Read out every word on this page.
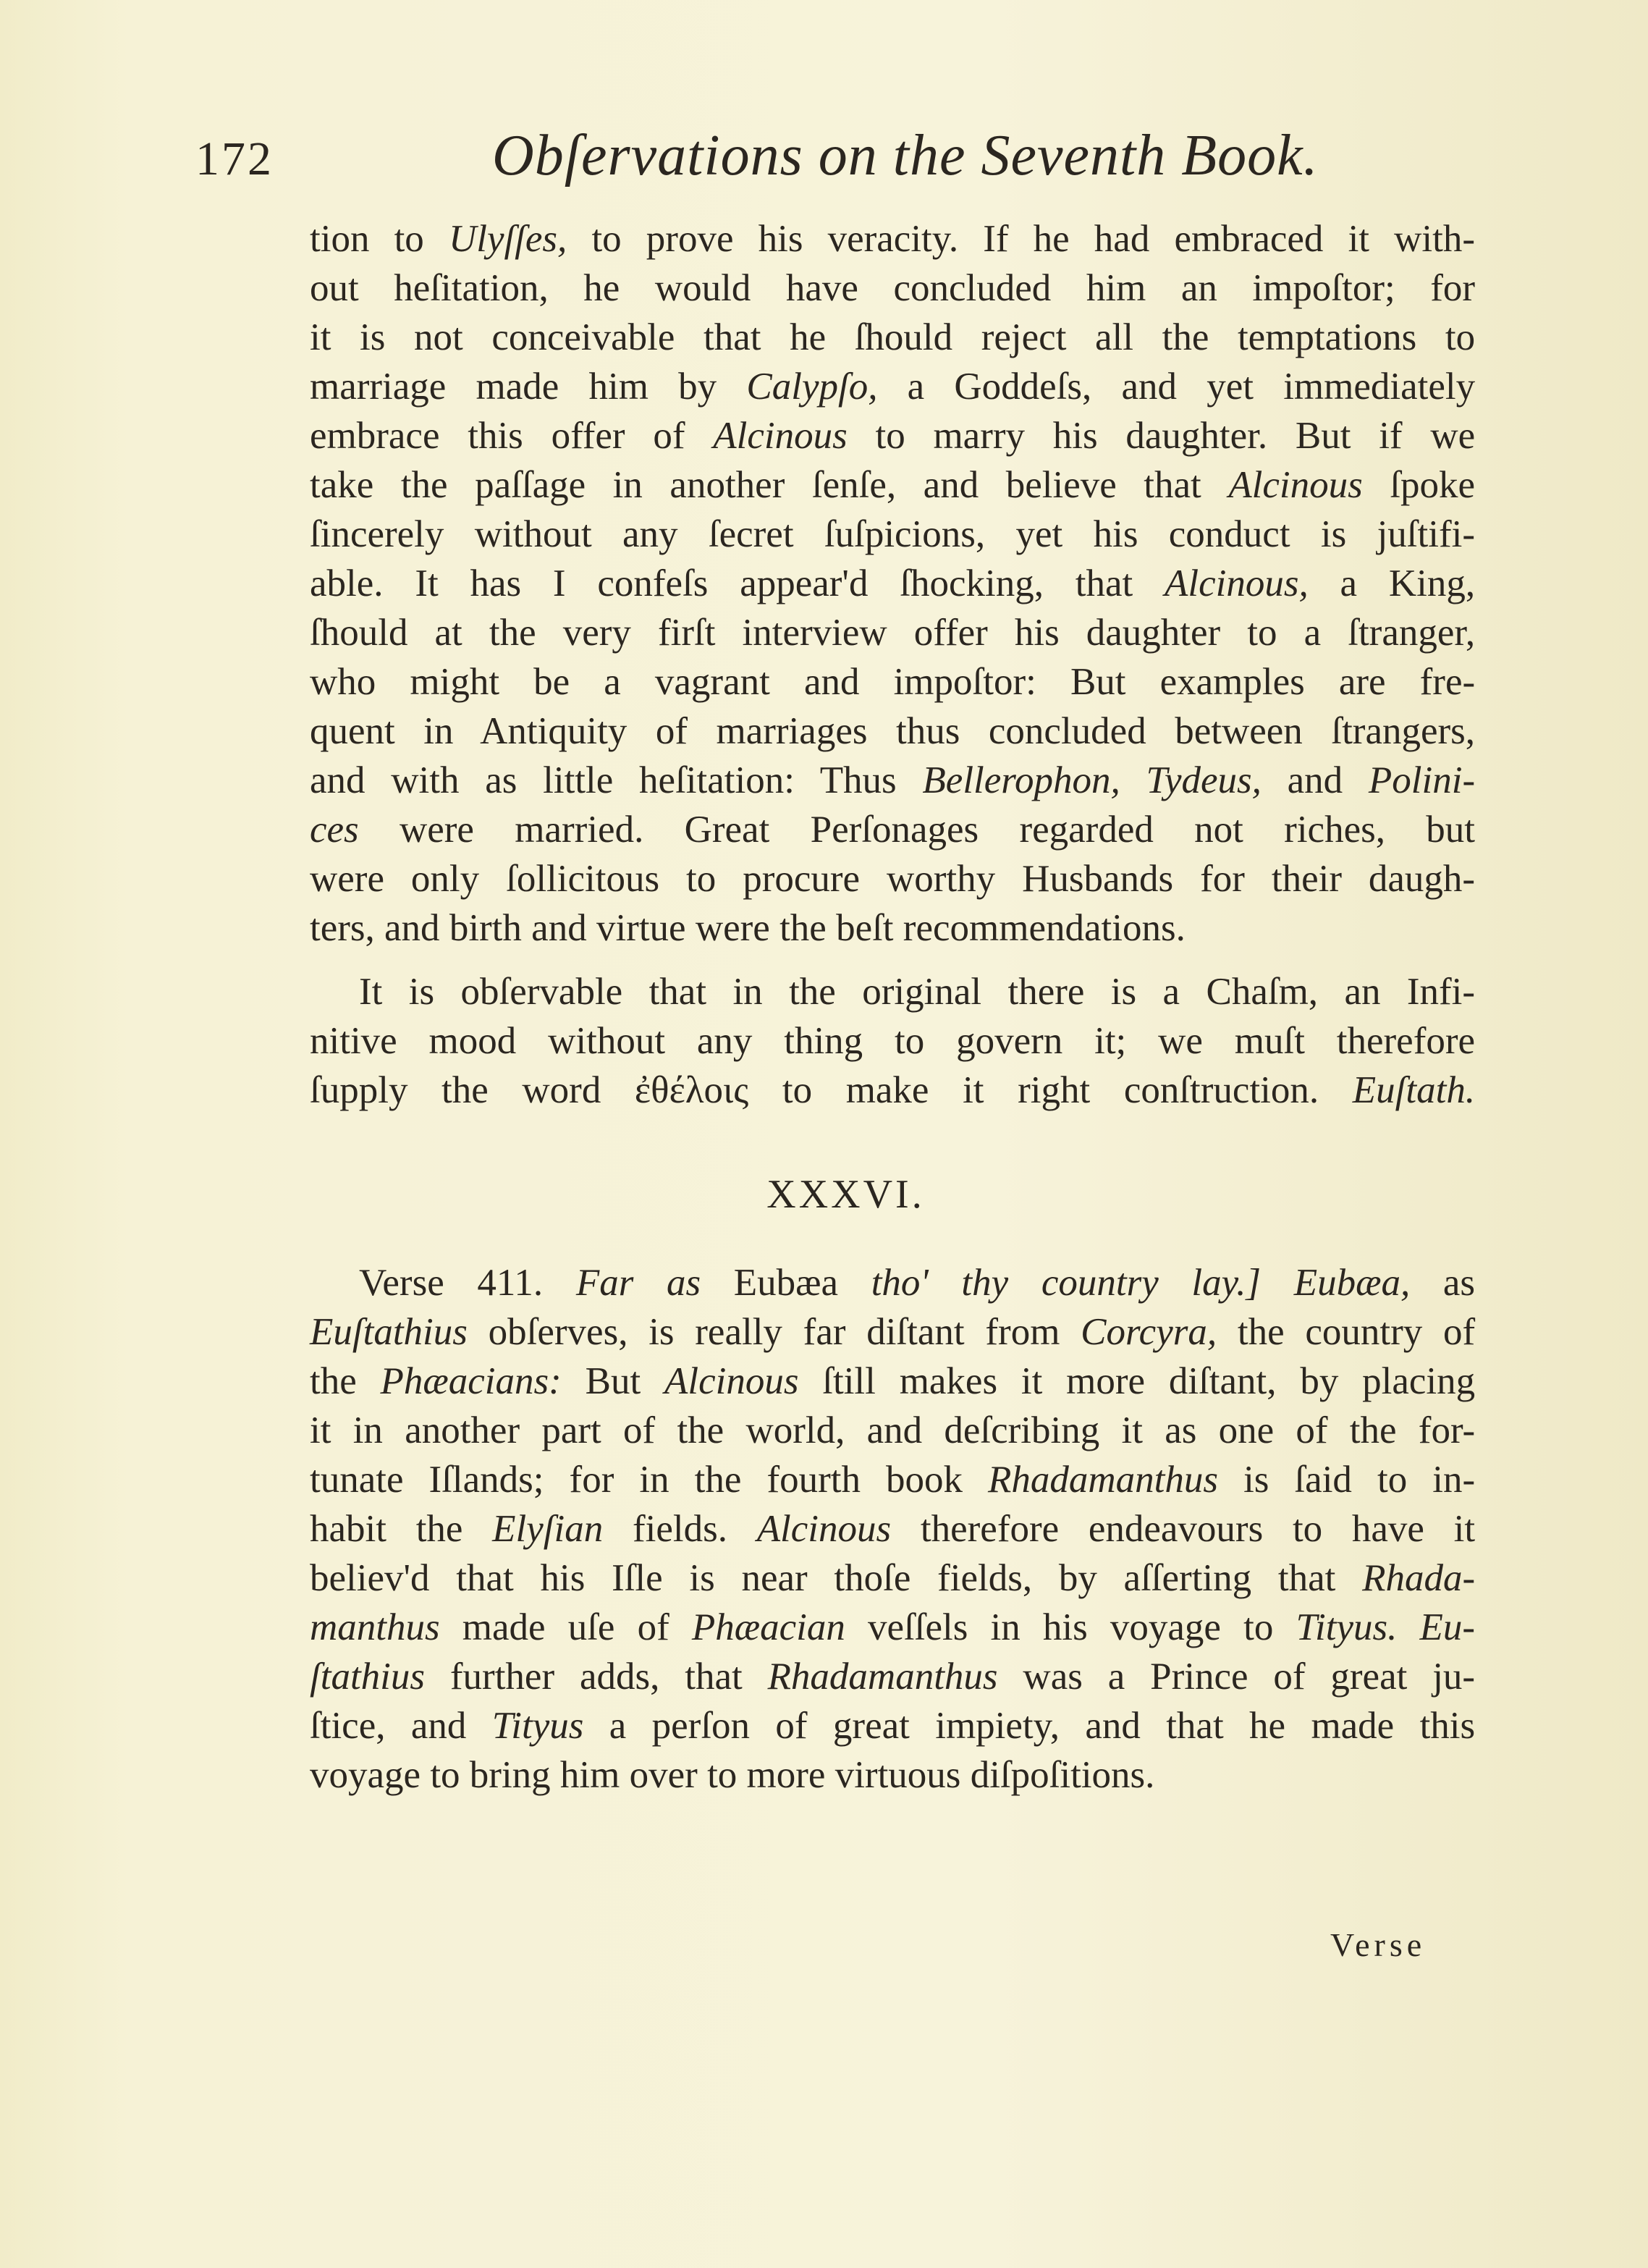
172	Obſervations on the Seventh Book.
tion to Ulyſſes, to prove his veracity. If he had embraced it with-
out heſitation, he would have concluded him an impoſtor; for
it is not conceivable that he ſhould reject all the temptations to
marriage made him by Calypſo, a Goddeſs, and yet immediately
embrace this offer of Alcinous to marry his daughter. But if we
take the paſſage in another ſenſe, and believe that Alcinous ſpoke
ſincerely without any ſecret ſuſpicions, yet his conduct is juſtifi-
able. It has I confeſs appear'd ſhocking, that Alcinous, a King,
ſhould at the very firſt interview offer his daughter to a ſtranger,
who might be a vagrant and impoſtor: But examples are fre-
quent in Antiquity of marriages thus concluded between ſtrangers,
and with as little heſitation: Thus Bellerophon, Tydeus, and Polini-
ces were married. Great Perſonages regarded not riches, but
were only ſollicitous to procure worthy Husbands for their daugh-
ters, and birth and virtue were the beſt recommendations.
It is obſervable that in the original there is a Chaſm, an Infi-
nitive mood without any thing to govern it; we muſt therefore
ſupply the word ἐθέλοις to make it right conſtruction. Euſtath.
XXXVI.
Verse 411. Far as Eubæa tho' thy country lay.] Eubæa, as
Euſtathius obſerves, is really far diſtant from Corcyra, the country of
the Phæacians: But Alcinous ſtill makes it more diſtant, by placing
it in another part of the world, and deſcribing it as one of the for-
tunate Iſlands; for in the fourth book Rhadamanthus is ſaid to in-
habit the Elyſian fields. Alcinous therefore endeavours to have it
believ'd that his Iſle is near thoſe fields, by aſſerting that Rhada-
manthus made uſe of Phæacian veſſels in his voyage to Tityus. Eu-
ſtathius further adds, that Rhadamanthus was a Prince of great ju-
ſtice, and Tityus a perſon of great impiety, and that he made this
voyage to bring him over to more virtuous diſpoſitions.
Verse
